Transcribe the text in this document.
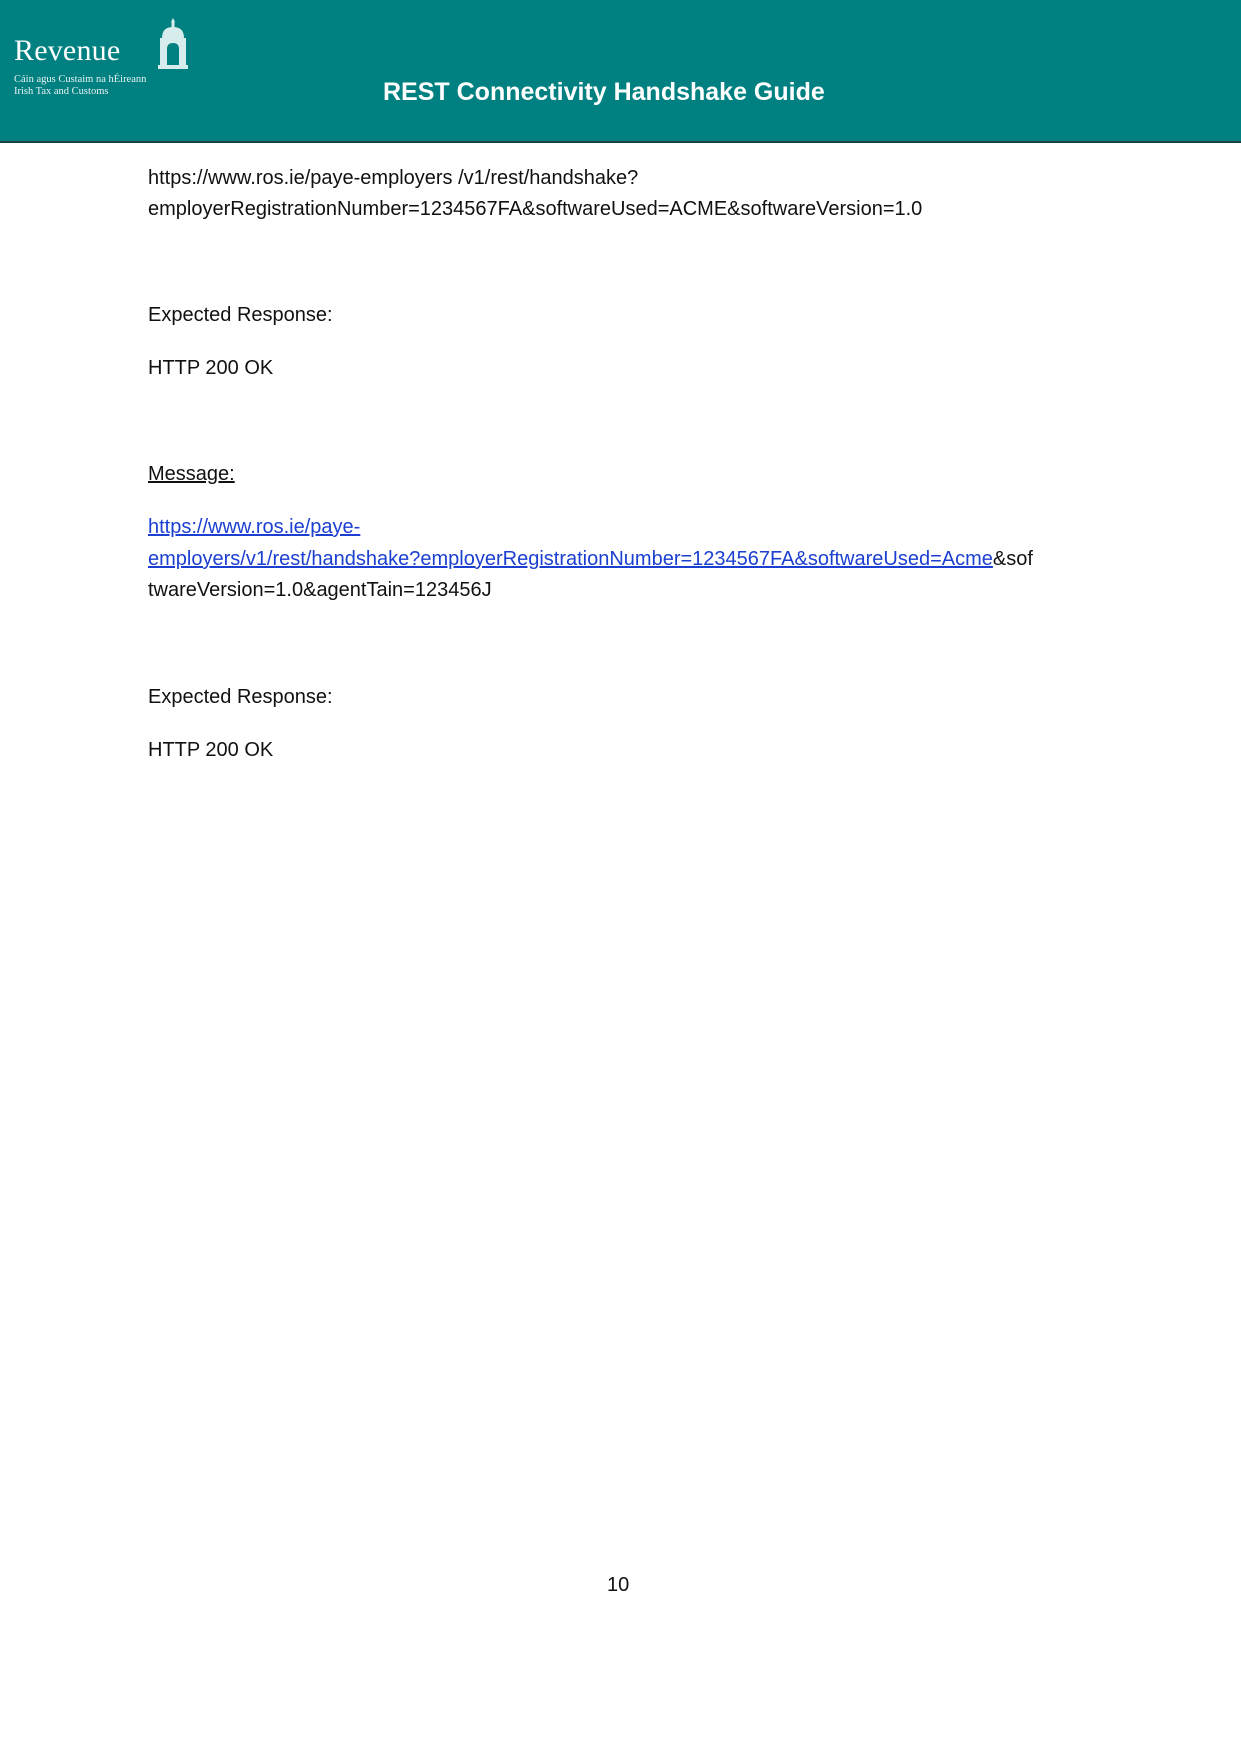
Revenue
Cáin agus Custaim na hÉireann
Irish Tax and Customs	REST Connectivity Handshake Guide
https://www.ros.ie/paye-employers /v1/rest/handshake?
employerRegistrationNumber=1234567FA&softwareUsed=ACME&softwareVersion=1.0
Expected Response:
HTTP 200 OK
Message:
https://www.ros.ie/paye-
employers/v1/rest/handshake?employerRegistrationNumber=1234567FA&softwareUsed=Acme&sof
twareVersion=1.0&agentTain=123456J
Expected Response:
HTTP 200 OK
10
